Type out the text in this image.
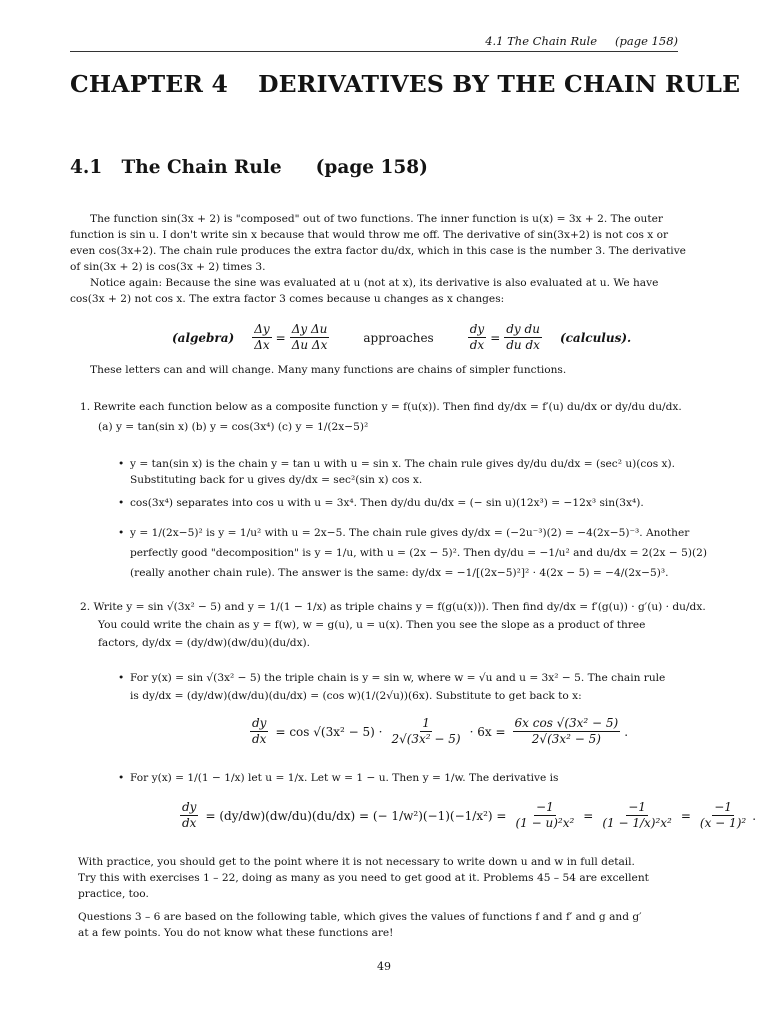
4.1 The Chain Rule (page 158)
CHAPTER 4 DERIVATIVES BY THE CHAIN RULE
4.1 The Chain Rule (page 158)
The function sin(3x + 2) is "composed" out of two functions. The inner function is u(x) = 3x + 2. The outer
function is sin u. I don't write sin x because that would throw me off. The derivative of sin(3x+2) is not cos x or
even cos(3x+2). The chain rule produces the extra factor du/dx, which in this case is the number 3. The derivative
of sin(3x + 2) is cos(3x + 2) times 3.
Notice again: Because the sine was evaluated at u (not at x), its derivative is also evaluated at u. We have
cos(3x + 2) not cos x. The extra factor 3 comes because u changes as x changes:
(algebra) $\frac{\Delta y}{\Delta x} = \frac{\text{Δy Δu}}{\text{Δu Δx}}$	approaches	$\frac{dy}{dx} = \frac{\text{dy du}}{\text{du dx}}$ (calculus).
These letters can and will change. Many many functions are chains of simpler functions.
1. Rewrite each function below as a composite function y = f(u(x)). Then find dy/dx = f′(u) du/dx or dy/du du/dx.
(a) y = tan(sin x) (b) y = cos(3x⁴) (c) y = 1/(2x−5)²
• y = tan(sin x) is the chain y = tan u with u = sin x. The chain rule gives dy/du du/dx = (sec² u)(cos x).
Substituting back for u gives dy/dx = sec²(sin x) cos x.
• cos(3x⁴) separates into cos u with u = 3x⁴. Then dy/du du/dx = (− sin u)(12x³) = −12x³ sin(3x⁴).
• y = 1/(2x−5)² is y = 1/u² with u = 2x−5. The chain rule gives dy/dx = (−2u⁻³)(2) = −4(2x−5)⁻³. Another
perfectly good "decomposition" is y = 1/u, with u = (2x − 5)². Then dy/du = −1/u² and du/dx = 2(2x − 5)(2)
(really another chain rule). The answer is the same: dy/dx = −1/[(2x−5)²]² · 4(2x − 5) = −4/(2x−5)³.
2. Write y = sin √(3x² − 5) and y = 1/(1 − 1/x) as triple chains y = f(g(u(x))). Then find dy/dx = f′(g(u)) · g′(u) · du/dx.
You could write the chain as y = f(w), w = g(u), u = u(x). Then you see the slope as a product of three
factors, dy/dx = (dy/dw)(dw/du)(du/dx).
• For y(x) = sin √(3x² − 5) the triple chain is y = sin w, where w = √u and u = 3x² − 5. The chain rule
is dy/dx = (dy/dw)(dw/du)(du/dx) = (cos w)(1/(2√u))(6x). Substitute to get back to x:
$\frac{dy}{dx} = \cos √(3x^2 - 5) \cdot \frac{1}{\text{2√(3x² − 5)}} \cdot 6x = \frac{\text{6x cos √(3x² − 5)}}{\text{2√(3x² − 5)}}$ .
• For y(x) = 1/(1 − 1/x) let u = 1/x. Let w = 1 − u. Then y = 1/w. The derivative is
$\frac{dy}{dx} = (dy/dw)(dw/du)(du/dx)$ = (− $1/w^2)(-1)(-1/x^2) = \frac{-1}{\text{(1 − u)²x²}} = \frac{-1}{\text{(1 − 1/x)²x²}} = \frac{-1}{\text{(x − 1)²}}$ .
With practice, you should get to the point where it is not necessary to write down u and w in full detail.
Try this with exercises 1 – 22, doing as many as you need to get good at it. Problems 45 – 54 are excellent
practice, too.
Questions 3 – 6 are based on the following table, which gives the values of functions f and f′ and g and g′
at a few points. You do not know what these functions are!
49
